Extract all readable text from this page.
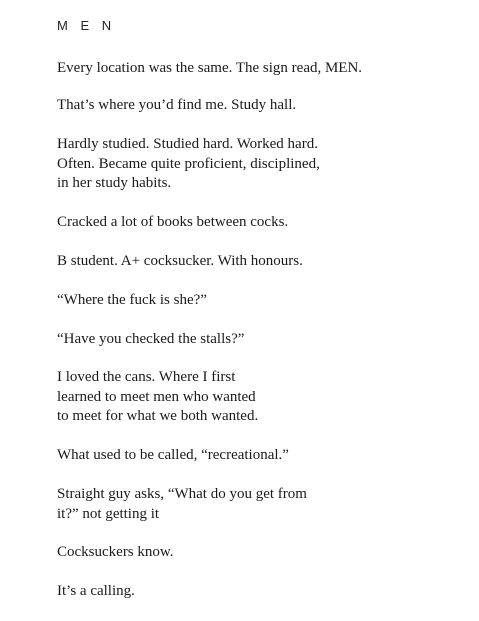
M E N

Every location was the same. The sign read, MEN.

That’s where you’d find me. Study hall.

Hardly studied. Studied hard. Worked hard.
Often. Became quite proficient, disciplined,
in her study habits.

Cracked a lot of books between cocks.

B student. A+ cocksucker. With honours.

“Where the fuck is she?”

“Have you checked the stalls?”

I loved the cans. Where I first
learned to meet men who wanted
to meet for what we both wanted.

What used to be called, “recreational.”

Straight guy asks, “What do you get from
it?” not getting it

Cocksuckers know.

It’s a calling.
